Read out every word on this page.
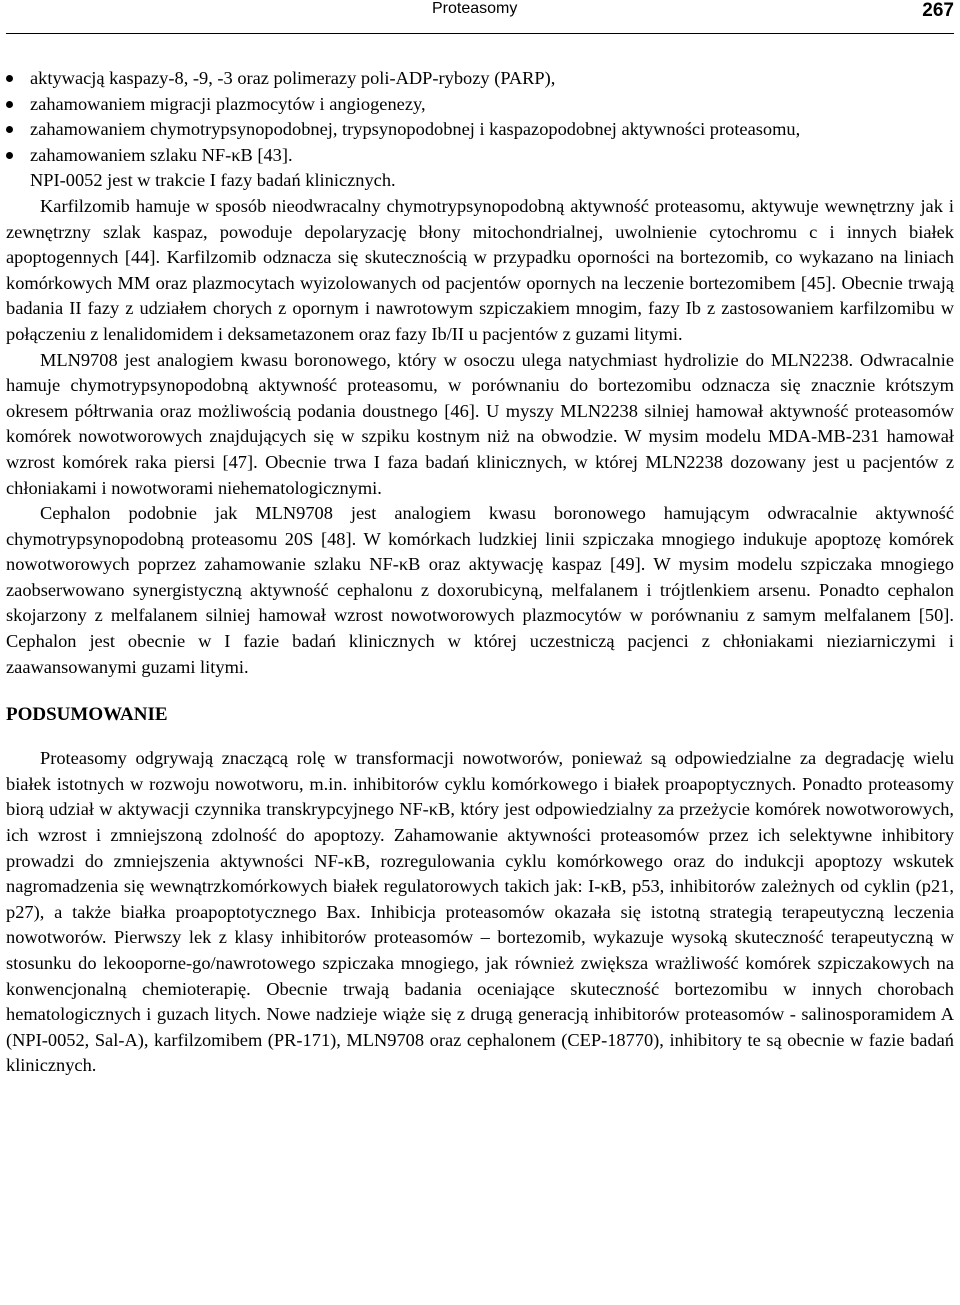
Proteasomy	267
aktywacją kaspazy-8, -9, -3 oraz polimerazy poli-ADP-rybozy (PARP),
zahamowaniem migracji plazmocytów i angiogenezy,
zahamowaniem chymotrypsynopodobnej, trypsynopodobnej i kaspazopodobnej aktywności proteasomu,
zahamowaniem szlaku NF-κB [43].

NPI-0052 jest w trakcie I fazy badań klinicznych.

Karfilzomib hamuje w sposób nieodwracalny chymotrypsynopodobną aktywność proteasomu, aktywuje wewnętrzny jak i zewnętrzny szlak kaspaz, powoduje depolaryzację błony mitochondrialnej, uwolnienie cytochromu c i innych białek apoptogennych [44]. Karfilzomib odznacza się skutecznością w przypadku oporności na bortezomib, co wykazano na liniach komórkowych MM oraz plazmocytach wyizolowanych od pacjentów opornych na leczenie bortezomibem [45]. Obecnie trwają badania II fazy z udziałem chorych z opornym i nawrotowym szpiczakiem mnogim, fazy Ib z zastosowaniem karfilzomibu w połączeniu z lenalidomidem i deksametazonem oraz fazy Ib/II u pacjentów z guzami litymi.

MLN9708 jest analogiem kwasu boronowego, który w osoczu ulega natychmiast hydrolizie do MLN2238. Odwracalnie hamuje chymotrypsynopodobną aktywność proteasomu, w porównaniu do bortezomibu odznacza się znacznie krótszym okresem półtrwania oraz możliwością podania doustnego [46]. U myszy MLN2238 silniej hamował aktywność proteasomów komórek nowotworowych znajdujących się w szpiku kostnym niż na obwodzie. W mysim modelu MDA-MB-231 hamował wzrost komórek raka piersi [47]. Obecnie trwa I faza badań klinicznych, w której MLN2238 dozowany jest u pacjentów z chłoniakami i nowotworami niehematologicznymi.

Cephalon podobnie jak MLN9708 jest analogiem kwasu boronowego hamującym odwracalnie aktywność chymotrypsynopodobną proteasomu 20S [48]. W komórkach ludzkiej linii szpiczaka mnogiego indukuje apoptozę komórek nowotworowych poprzez zahamowanie szlaku NF-κB oraz aktywację kaspaz [49]. W mysim modelu szpiczaka mnogiego zaobserwowano synergistyczną aktywność cephalonu z doxorubicyną, melfalanem i trójtlenkiem arsenu. Ponadto cephalon skojarzony z melfalanem silniej hamował wzrost nowotworowych plazmocytów w porównaniu z samym melfalanem [50]. Cephalon jest obecnie w I fazie badań klinicznych w której uczestniczą pacjenci z chłoniakami nieziarniczymi i zaawansowanymi guzami litymi.

PODSUMOWANIE

Proteasomy odgrywają znaczącą rolę w transformacji nowotworów, ponieważ są odpowiedzialne za degradację wielu białek istotnych w rozwoju nowotworu, m.in. inhibitorów cyklu komórkowego i białek proapoptycznych. Ponadto proteasomy biorą udział w aktywacji czynnika transkrypcyjnego NF-κB, który jest odpowiedzialny za przeżycie komórek nowotworowych, ich wzrost i zmniejszoną zdolność do apoptozy. Zahamowanie aktywności proteasomów przez ich selektywne inhibitory prowadzi do zmniejszenia aktywności NF-κB, rozregulowania cyklu komórkowego oraz do indukcji apoptozy wskutek nagromadzenia się wewnątrzkomórkowych białek regulatorowych takich jak: I-κB, p53, inhibitorów zależnych od cyklin (p21, p27), a także białka proapoptotycznego Bax. Inhibicja proteasomów okazała się istotną strategią terapeutyczną leczenia nowotworów. Pierwszy lek z klasy inhibitorów proteasomów – bortezomib, wykazuje wysoką skuteczność terapeutyczną w stosunku do lekooporne-go/nawrotowego szpiczaka mnogiego, jak również zwiększa wrażliwość komórek szpiczakowych na konwencjonalną chemioterapię. Obecnie trwają badania oceniające skuteczność bortezomibu w innych chorobach hematologicznych i guzach litych. Nowe nadzieje wiąże się z drugą generacją inhibitorów proteasomów - salinosporamidem A (NPI-0052, Sal-A), karfilzomibem (PR-171), MLN9708 oraz cephalonem (CEP-18770), inhibitory te są obecnie w fazie badań klinicznych.
